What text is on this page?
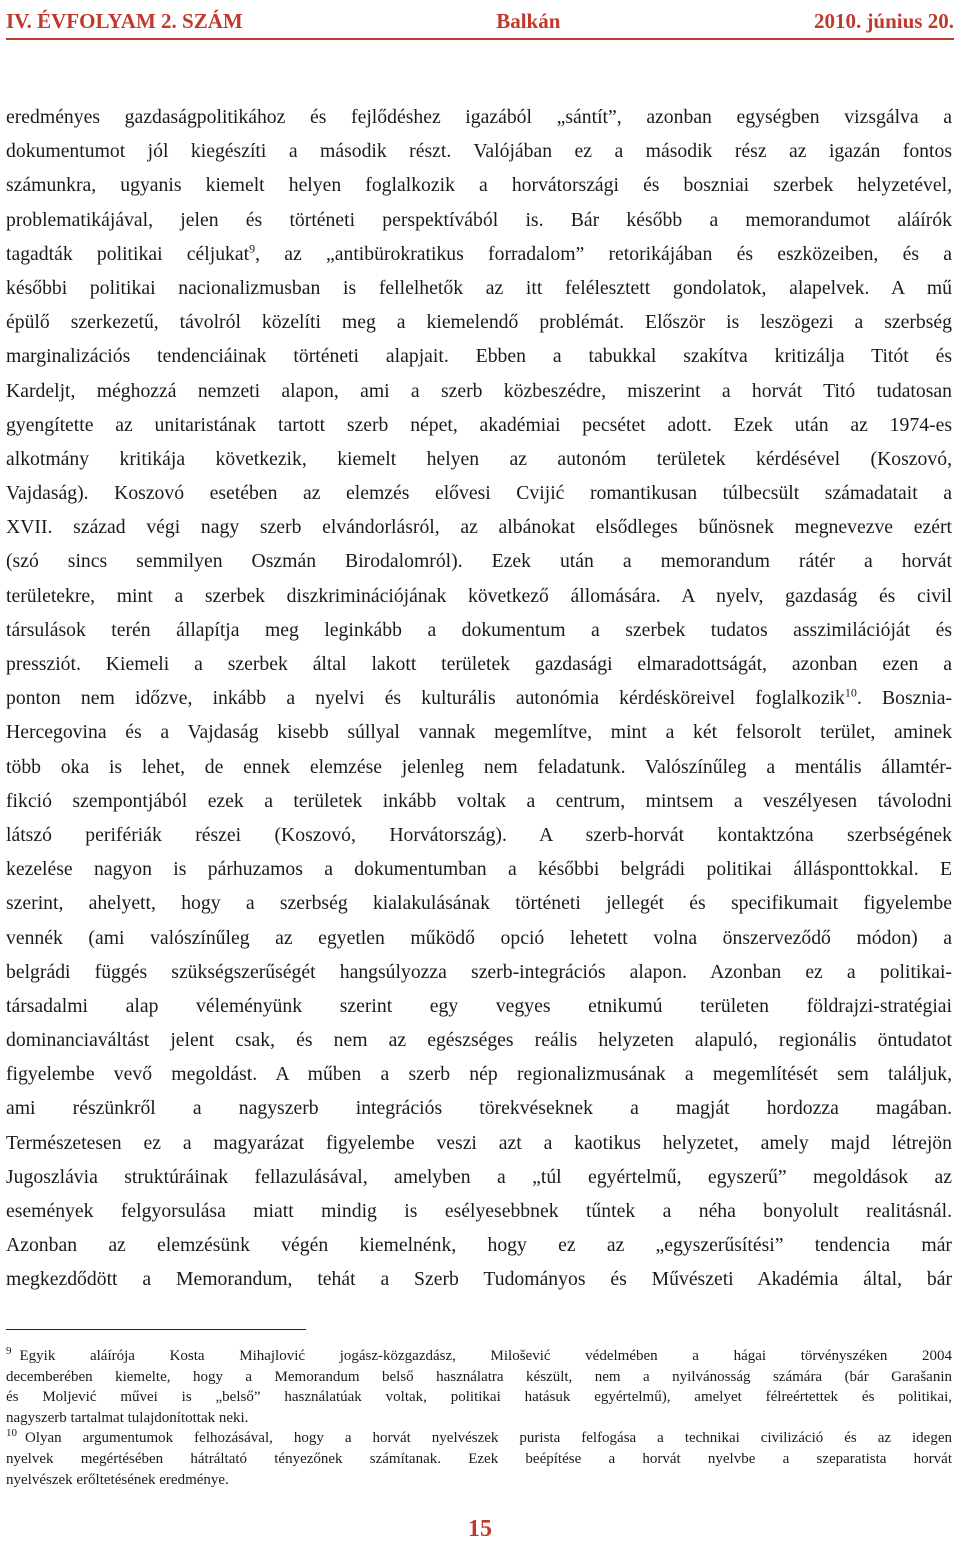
IV. ÉVFOLYAM 2. SZÁM	Balkán	2010. június 20.
eredményes gazdaságpolitikához és fejlődéshez igazából „sántít”, azonban egységben vizsgálva a
dokumentumot jól kiegészíti a második részt. Valójában ez a második rész az igazán fontos
számunkra, ugyanis kiemelt helyen foglalkozik a horvátországi és boszniai szerbek helyzetével,
problematikájával, jelen és történeti perspektívából is. Bár később a memorandumot aláírók
tagadták politikai céljukat$^9$, az „antibürokratikus forradalom” retorikájában és eszközeiben, és a
későbbi politikai nacionalizmusban is fellelhetők az itt felélesztett gondolatok, alapelvek. A mű
épülő szerkezetű, távolról közelíti meg a kiemelendő problémát. Először is leszögezi a szerbség
marginalizációs tendenciáinak történeti alapjait. Ebben a tabukkal szakítva kritizálja Titót és
Kardeljt, méghozzá nemzeti alapon, ami a szerb közbeszédre, miszerint a horvát Titó tudatosan
gyengítette az unitaristának tartott szerb népet, akadémiai pecsétet adott. Ezek után az 1974-es
alkotmány kritikája következik, kiemelt helyen az autonóm területek kérdésével (Koszovó,
Vajdaság). Koszovó esetében az elemzés elővesi Cvijić romantikusan túlbecsült számadatait a
XVII. század végi nagy szerb elvándorlásról, az albánokat elsődleges bűnösnek megnevezve ezért
(szó sincs semmilyen Oszmán Birodalomról). Ezek után a memorandum rátér a horvát
területekre, mint a szerbek diszkriminációjának következő állomására. A nyelv, gazdaság és civil
társulások terén állapítja meg leginkább a dokumentum a szerbek tudatos asszimilációját és
pressziót. Kiemeli a szerbek által lakott területek gazdasági elmaradottságát, azonban ezen a
ponton nem időzve, inkább a nyelvi és kulturális autonómia kérdésköreivel foglalkozik$^{10}$. Bosznia-
Hercegovina és a Vajdaság kisebb súllyal vannak megemlítve, mint a két felsorolt terület, aminek
több oka is lehet, de ennek elemzése jelenleg nem feladatunk. Valószínűleg a mentális államtér-
fikció szempontjából ezek a területek inkább voltak a centrum, mintsem a veszélyesen távolodni
látszó perifériák részei (Koszovó, Horvátország). A szerb-horvát kontaktzóna szerbségének
kezelése nagyon is párhuzamos a dokumentumban a későbbi belgrádi politikai állásponttokkal. E
szerint, ahelyett, hogy a szerbség kialakulásának történeti jellegét és specifikumait figyelembe
vennék (ami valószínűleg az egyetlen működő opció lehetett volna önszerveződő módon) a
belgrádi függés szükségszerűségét hangsúlyozza szerb-integrációs alapon. Azonban ez a politikai-
társadalmi alap véleményünk szerint egy vegyes etnikumú területen földrajzi-stratégiai
dominanciaváltást jelent csak, és nem az egészséges reális helyzeten alapuló, regionális öntudatot
figyelembe vevő megoldást. A műben a szerb nép regionalizmusának a megemlítését sem találjuk,
ami részünkről a nagyszerb integrációs törekvéseknek a magját hordozza magában.
Természetesen ez a magyarázat figyelembe veszi azt a kaotikus helyzetet, amely majd létrejön
Jugoszlávia struktúráinak fellazulásával, amelyben a „túl egyértelmű, egyszerű” megoldások az
események felgyorsulása miatt mindig is esélyesebbnek tűntek a néha bonyolult realitásnál.
Azonban az elemzésünk végén kiemelnénk, hogy ez az „egyszerűsítési” tendencia már
megkezdődött a Memorandum, tehát a Szerb Tudományos és Művészeti Akadémia által, bár
$^9$ Egyik aláírója Kosta Mihajlović jogász-közgazdász, Milošević védelmében a hágai törvényszéken 2004
decemberében kiemelte, hogy a Memorandum belső használatra készült, nem a nyilvánosság számára (bár Garašanin
és Moljević művei is „belső” használatúak voltak, politikai hatásuk egyértelmű), amelyet félreértettek és politikai,
nagyszerb tartalmat tulajdonítottak neki.
$^{10}$ Olyan argumentumok felhozásával, hogy a horvát nyelvészek purista felfogása a technikai civilizáció és az idegen
nyelvek megértésében hátráltató tényezőnek számítanak. Ezek beépítése a horvát nyelvbe a szeparatista horvát
nyelvészek erőltetésének eredménye.
15
